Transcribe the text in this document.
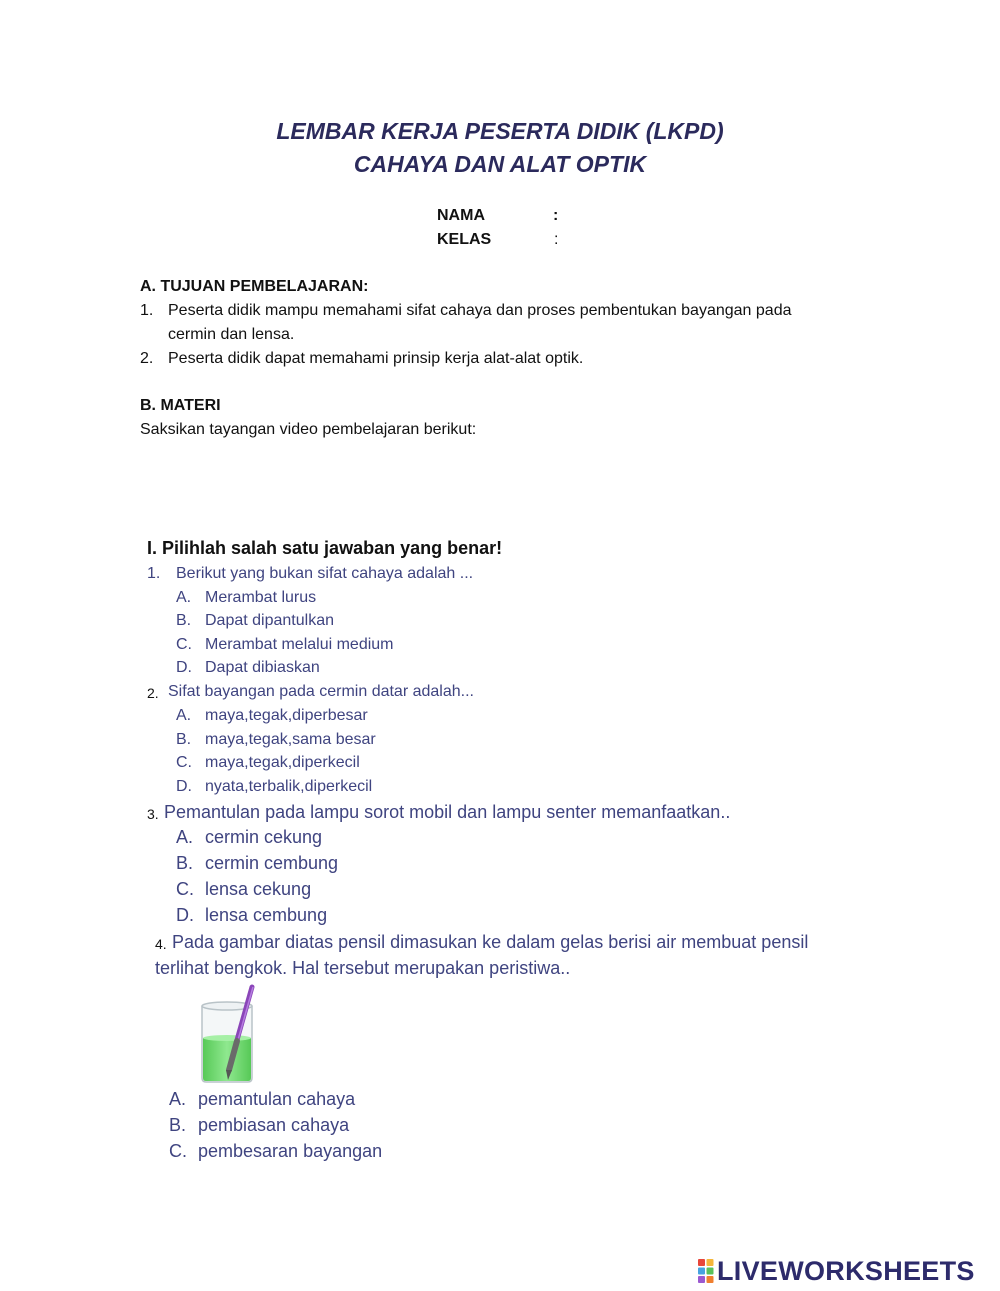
LEMBAR KERJA PESERTA DIDIK (LKPD)
CAHAYA DAN ALAT OPTIK
NAMA	:
KELAS	:
A. TUJUAN PEMBELAJARAN:
1. Peserta didik mampu memahami sifat cahaya dan proses pembentukan bayangan pada
cermin dan lensa.
2. Peserta didik dapat memahami prinsip kerja alat-alat optik.
B. MATERI
Saksikan tayangan video pembelajaran berikut:
I. Pilihlah salah satu jawaban yang benar!
1. Berikut yang bukan sifat cahaya adalah ...
A. Merambat lurus
B. Dapat dipantulkan
C. Merambat melalui medium
D. Dapat dibiaskan
2. Sifat bayangan pada cermin datar adalah...
A. maya,tegak,diperbesar
B. maya,tegak,sama besar
C. maya,tegak,diperkecil
D. nyata,terbalik,diperkecil
3. Pemantulan pada lampu sorot mobil dan lampu senter memanfaatkan..
A. cermin cekung
B. cermin cembung
C. lensa cekung
D. lensa cembung
4. Pada gambar diatas pensil dimasukan ke dalam gelas berisi air membuat pensil
terlihat bengkok. Hal tersebut merupakan peristiwa..
A. pemantulan cahaya
B. pembiasan cahaya
C. pembesaran bayangan
LIVEWORKSHEETS
